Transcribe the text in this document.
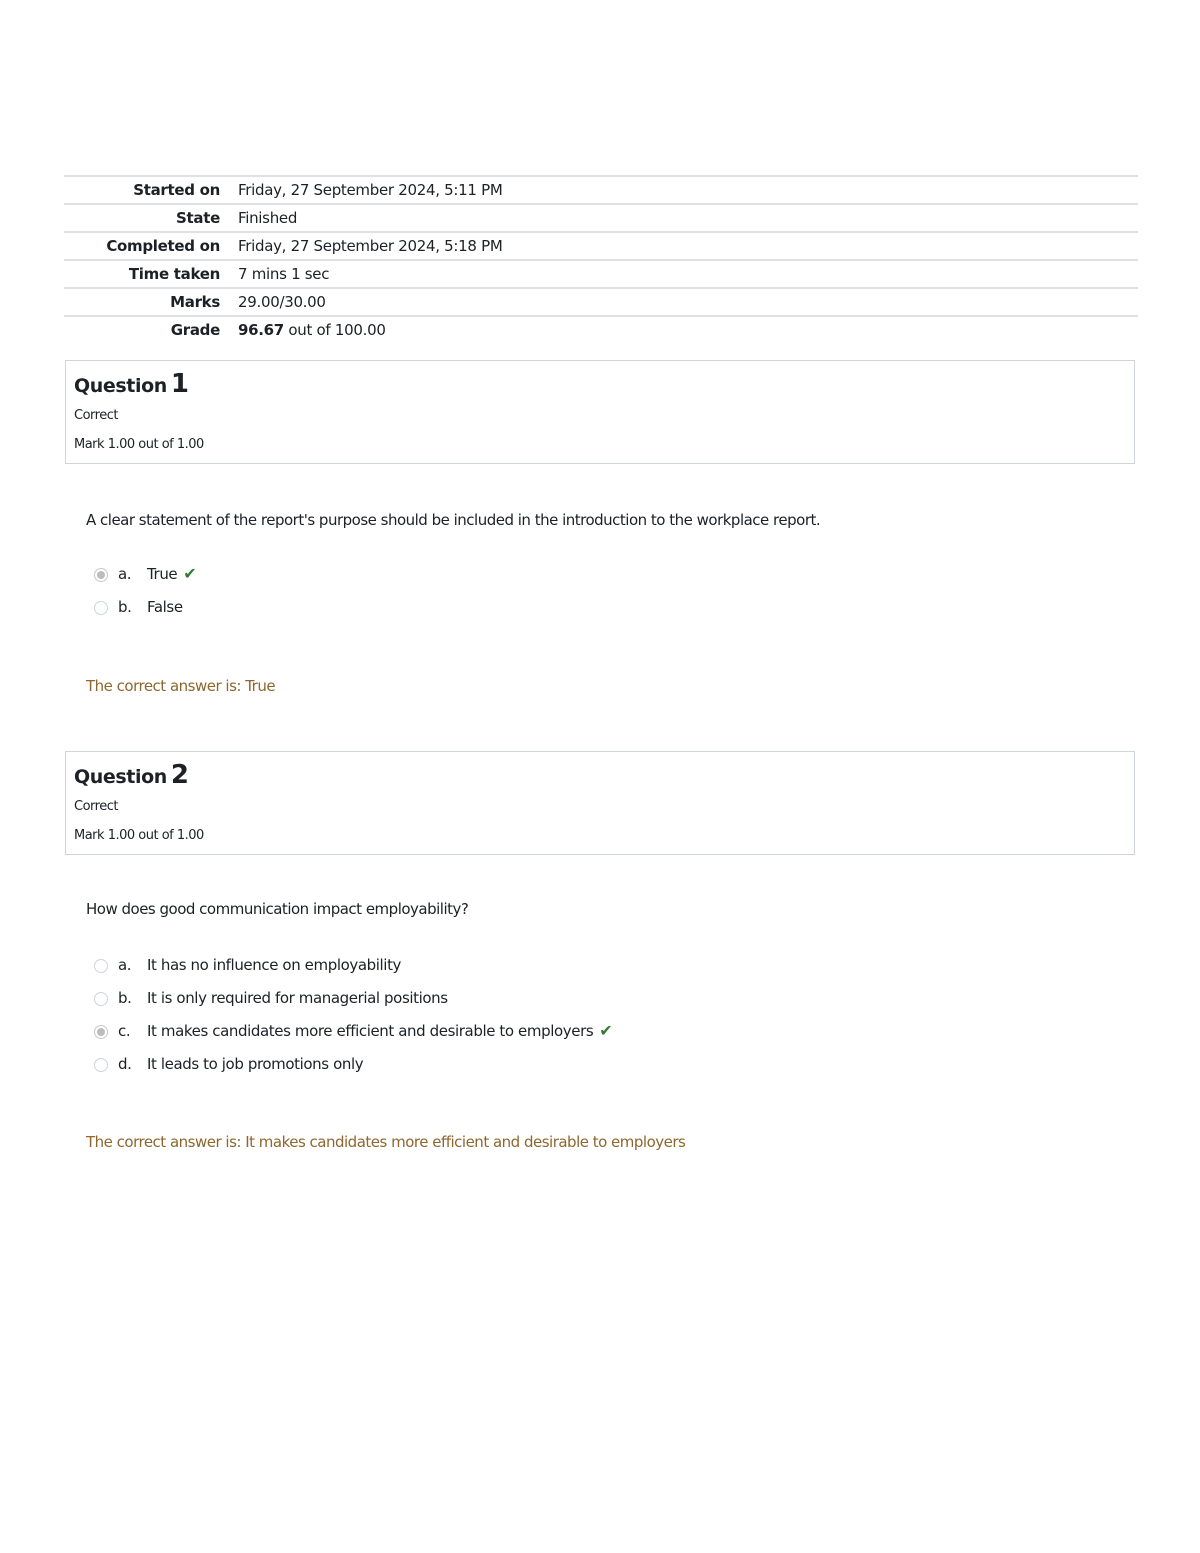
Started on	Friday, 27 September 2024, 5:11 PM
State	Finished
Completed on	Friday, 27 September 2024, 5:18 PM
Time taken	7 mins 1 sec
Marks	29.00/30.00
Grade	96.67 out of 100.00
Question 1
Correct
Mark 1.00 out of 1.00
A clear statement of the report's purpose should be included in the introduction to the workplace report.
a.	True ✔
b.	False
The correct answer is: True
Question 2
Correct
Mark 1.00 out of 1.00
How does good communication impact employability?
a.	It has no influence on employability
b.	It is only required for managerial positions
c.	It makes candidates more efficient and desirable to employers ✔
d.	It leads to job promotions only
The correct answer is: It makes candidates more efficient and desirable to employers
